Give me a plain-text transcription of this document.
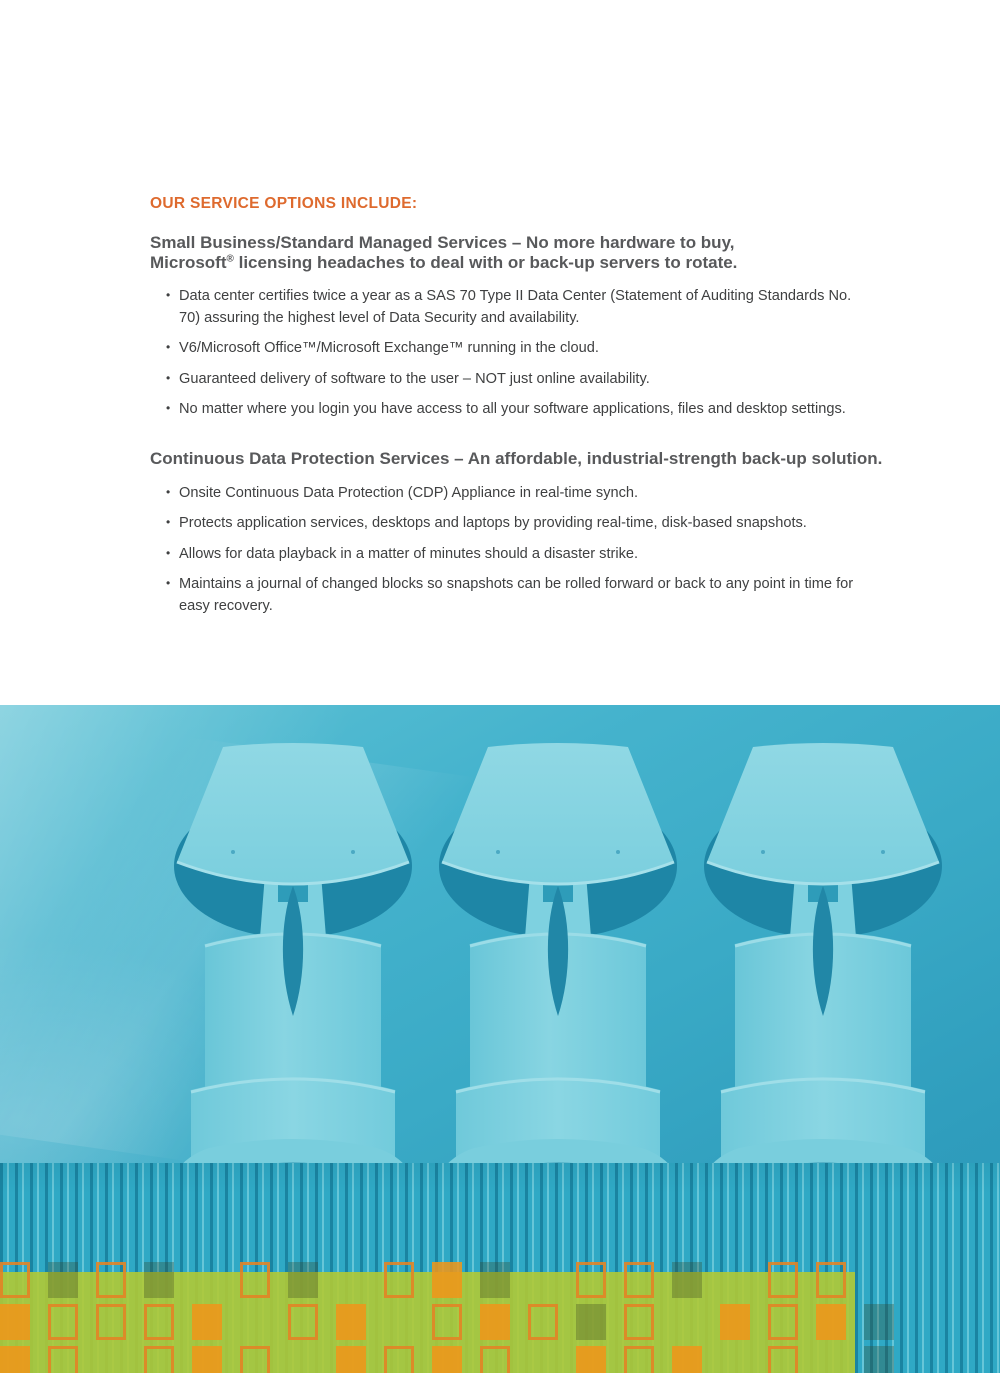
OUR SERVICE OPTIONS INCLUDE:
Small Business/Standard Managed Services – No more hardware to buy, Microsoft® licensing headaches to deal with or back-up servers to rotate.
• Data center certifies twice a year as a SAS 70 Type II Data Center (Statement of Auditing Standards No. 70) assuring the highest level of Data Security and availability.
• V6/Microsoft Office™/Microsoft Exchange™ running in the cloud.
• Guaranteed delivery of software to the user – NOT just online availability.
• No matter where you login you have access to all your software applications, files and desktop settings.
Continuous Data Protection Services – An affordable, industrial-strength back-up solution.
• Onsite Continuous Data Protection (CDP) Appliance in real-time synch.
• Protects application services, desktops and laptops by providing real-time, disk-based snapshots.
• Allows for data playback in a matter of minutes should a disaster strike.
• Maintains a journal of changed blocks so snapshots can be rolled forward or back to any point in time for easy recovery.
